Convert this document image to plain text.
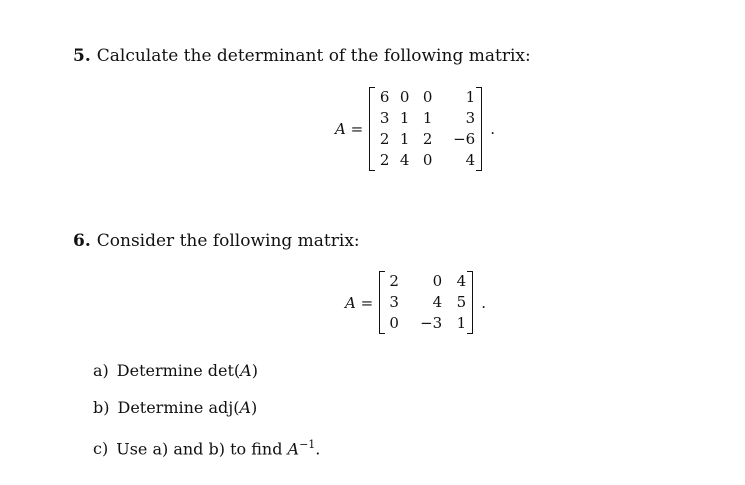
5. Calculate the determinant of the following matrix:
A =
6	0	0	1
3	1	1	3
2	1	2	−6
2	4	0	4
.
6. Consider the following matrix:
A =
2	0	4
3	4	5
0	−3	1
.
a) Determine det(A)
b) Determine adj(A)
c) Use a) and b) to find $A^{-1}$.
